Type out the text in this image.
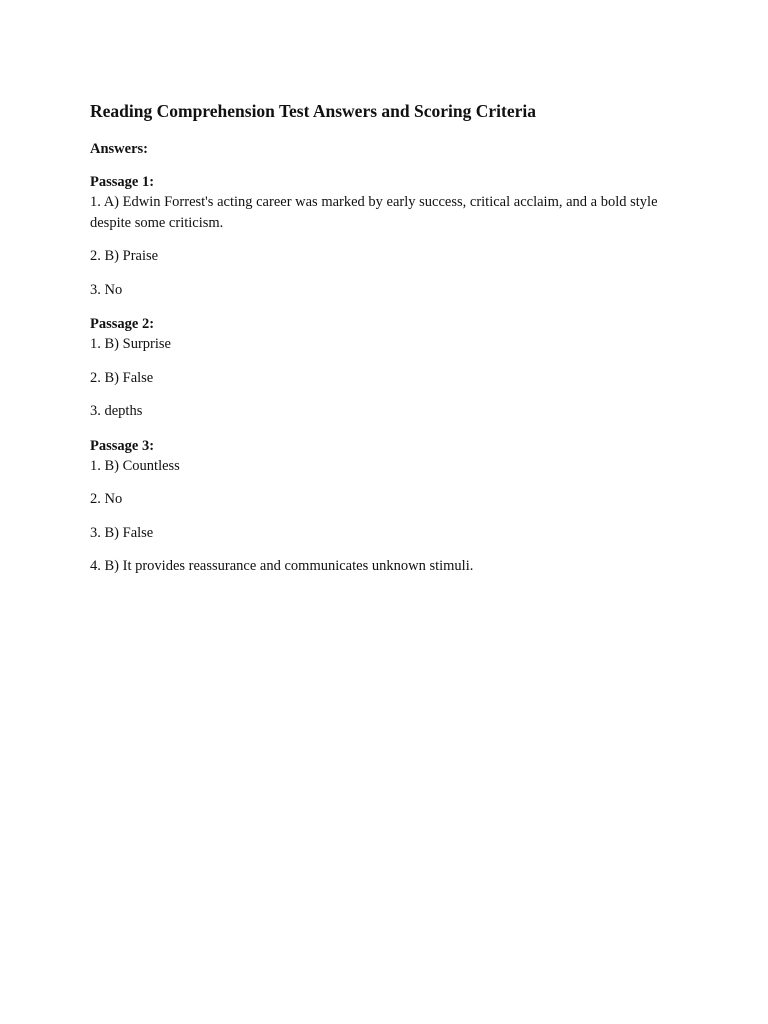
Reading Comprehension Test Answers and Scoring Criteria
Answers:
Passage 1:
1. A) Edwin Forrest's acting career was marked by early success, critical acclaim, and a bold style despite some criticism.
2. B) Praise
3. No
Passage 2:
1. B) Surprise
2. B) False
3. depths
Passage 3:
1. B) Countless
2. No
3. B) False
4. B) It provides reassurance and communicates unknown stimuli.
